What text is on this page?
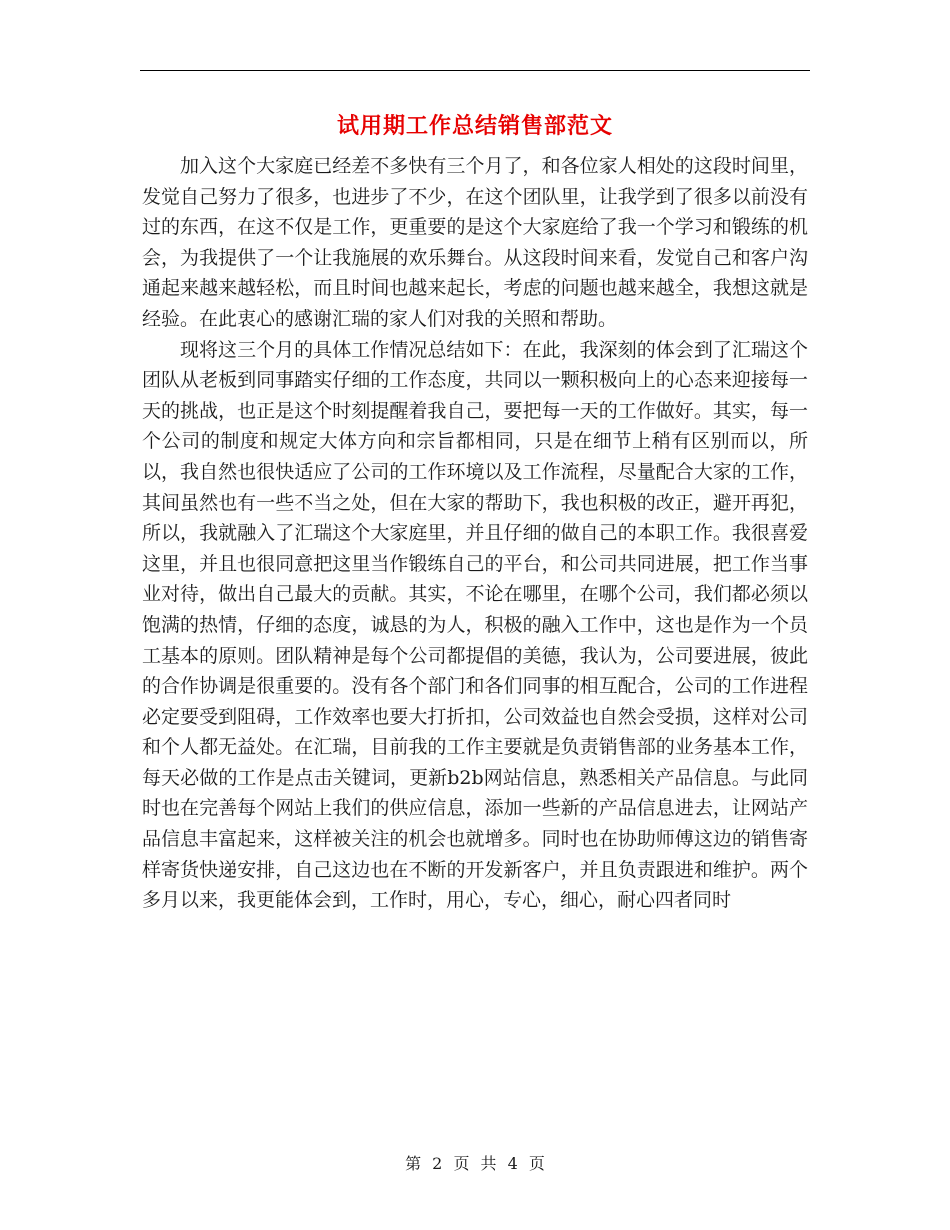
试用期工作总结销售部范文

加入这个大家庭已经差不多快有三个月了，和各位家人相处的这段时间里，发觉自己努力了很多，也进步了不少，在这个团队里，让我学到了很多以前没有过的东西，在这不仅是工作，更重要的是这个大家庭给了我一个学习和锻练的机会，为我提供了一个让我施展的欢乐舞台。从这段时间来看，发觉自己和客户沟通起来越来越轻松，而且时间也越来起长，考虑的问题也越来越全，我想这就是经验。在此衷心的感谢汇瑞的家人们对我的关照和帮助。

现将这三个月的具体工作情况总结如下：在此，我深刻的体会到了汇瑞这个团队从老板到同事踏实仔细的工作态度，共同以一颗积极向上的心态来迎接每一天的挑战，也正是这个时刻提醒着我自己，要把每一天的工作做好。其实，每一个公司的制度和规定大体方向和宗旨都相同，只是在细节上稍有区别而以，所以，我自然也很快适应了公司的工作环境以及工作流程，尽量配合大家的工作，其间虽然也有一些不当之处，但在大家的帮助下，我也积极的改正，避开再犯，所以，我就融入了汇瑞这个大家庭里，并且仔细的做自己的本职工作。我很喜爱这里，并且也很同意把这里当作锻练自己的平台，和公司共同进展，把工作当事业对待，做出自己最大的贡献。其实，不论在哪里，在哪个公司，我们都必须以饱满的热情，仔细的态度，诚恳的为人，积极的融入工作中，这也是作为一个员工基本的原则。团队精神是每个公司都提倡的美德，我认为，公司要进展，彼此的合作协调是很重要的。没有各个部门和各们同事的相互配合，公司的工作进程必定要受到阻碍，工作效率也要大打折扣，公司效益也自然会受损，这样对公司和个人都无益处。在汇瑞，目前我的工作主要就是负责销售部的业务基本工作，每天必做的工作是点击关键词，更新b2b网站信息，熟悉相关产品信息。与此同时也在完善每个网站上我们的供应信息，添加一些新的产品信息进去，让网站产品信息丰富起来，这样被关注的机会也就增多。同时也在协助师傅这边的销售寄样寄货快递安排，自己这边也在不断的开发新客户，并且负责跟进和维护。两个多月以来，我更能体会到，工作时，用心，专心，细心，耐心四者同时

第 2 页 共 4 页
